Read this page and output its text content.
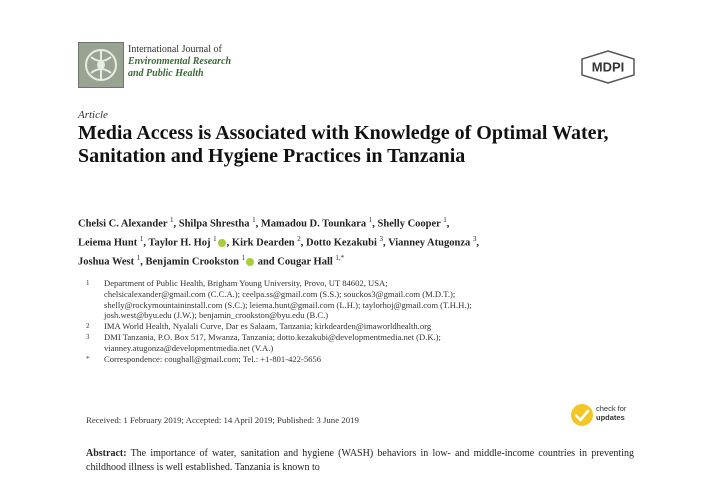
International Journal of
Environmental Research
and Public Health	MDPI
Article
Media Access is Associated with Knowledge of Optimal Water, Sanitation and Hygiene Practices in Tanzania
Chelsi C. Alexander $^1$, Shilpa Shrestha $^1$, Mamadou D. Tounkara $^1$, Shelly Cooper $^1$,
Leiema Hunt $^1$, Taylor H. Hoj $^1$ , Kirk Dearden $^2$, Dotto Kezakubi $^3$, Vianney Atugonza $^3$,
Joshua West $^1$, Benjamin Crookston $^1$ and Cougar Hall $^{1,*}$
1	Department of Public Health, Brigham Young University, Provo, UT 84602, USA;
chelsicalexander@gmail.com (C.C.A.); ceelpa.ss@gmail.com (S.S.); souckos3@gmail.com (M.D.T.);
shelly@rockymountaininstall.com (S.C.); leiema.hunt@gmail.com (L.H.); taylorhoj@gmail.com (T.H.H.);
josh.west@byu.edu (J.W.); benjamin_crookston@byu.edu (B.C.)
2	IMA World Health, Nyalali Curve, Dar es Salaam, Tanzania; kirkdearden@imaworldhealth.org
3	DMI Tanzania, P.O. Box 517, Mwanza, Tanzania; dotto.kezakubi@developmentmedia.net (D.K.);
vianney.atugonza@developmentmedia.net (V.A.)
*	Correspondence: coughall@gmail.com; Tel.: +1-801-422-5656
Received: 1 February 2019; Accepted: 14 April 2019; Published: 3 June 2019
check for
updates
Abstract: The importance of water, sanitation and hygiene (WASH) behaviors in low- and middle-income countries in preventing childhood illness is well established. Tanzania is known to
